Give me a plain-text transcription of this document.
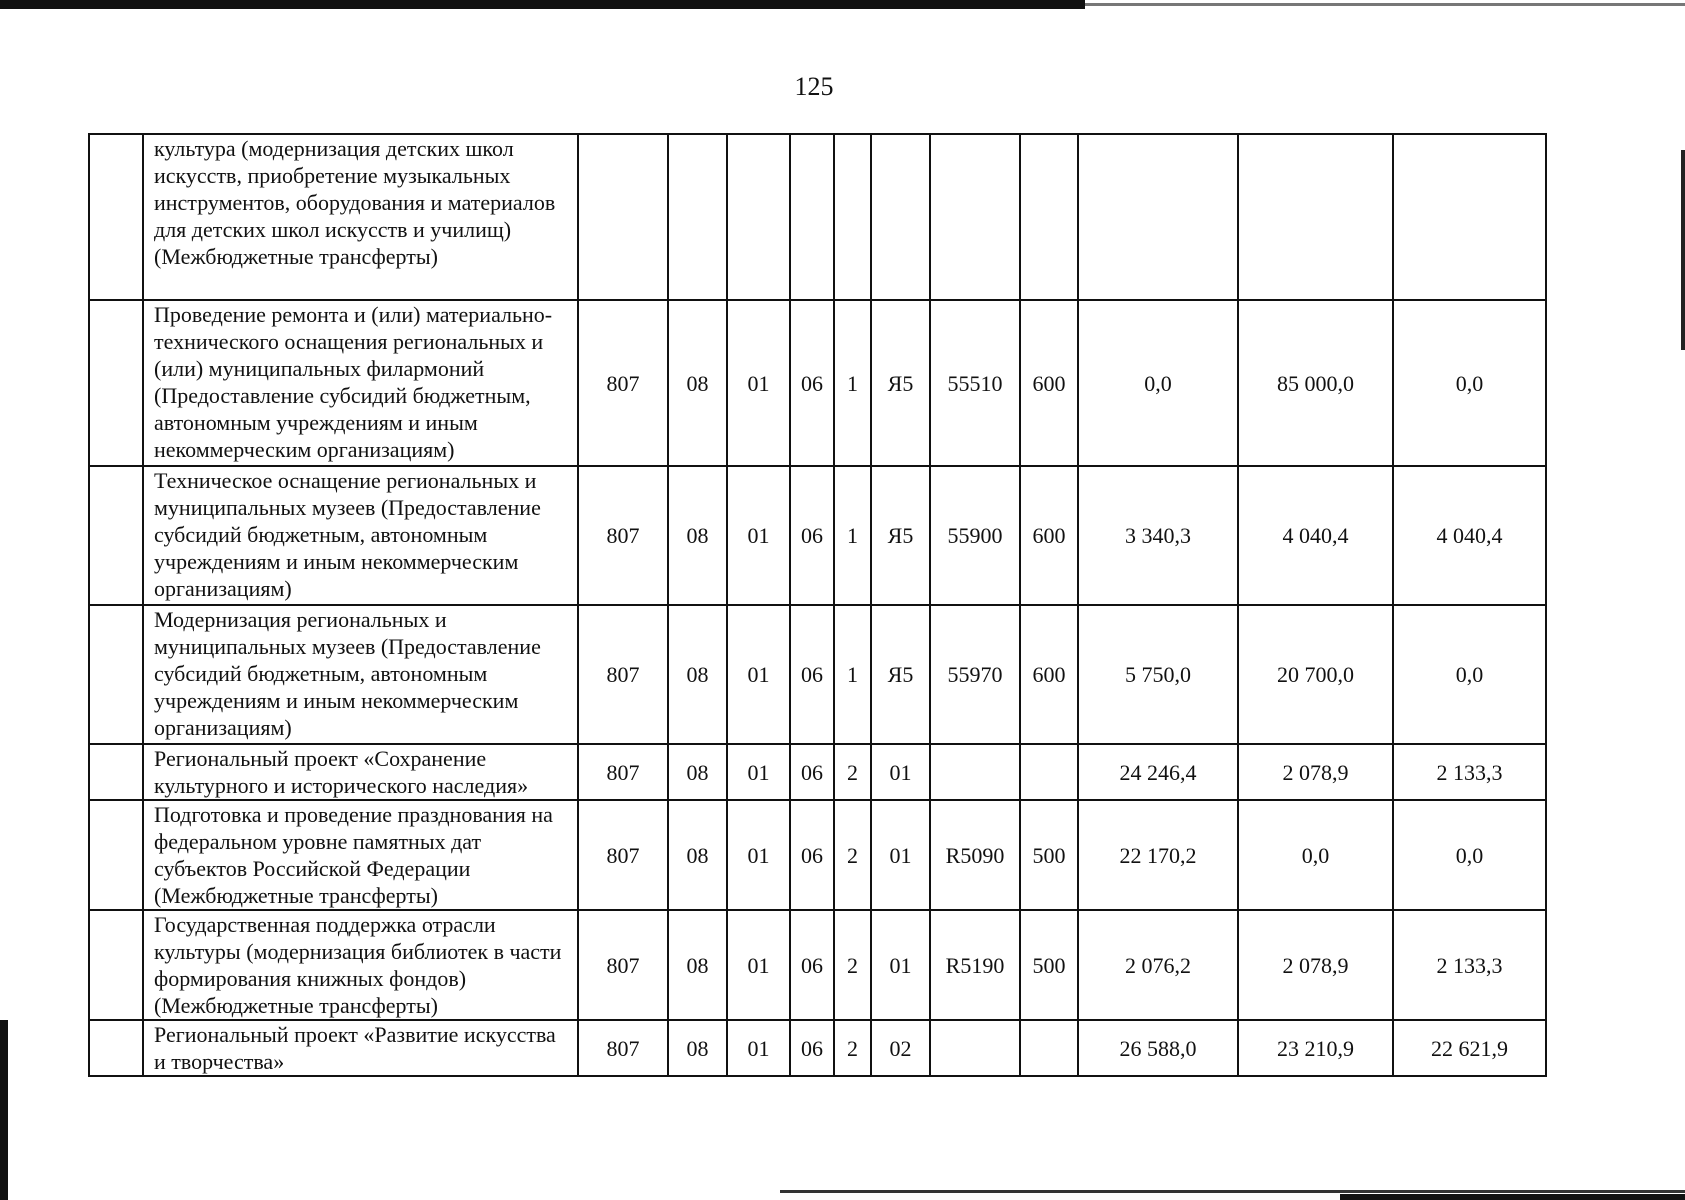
125
	культура (модернизация детских школ искусств, приобретение музыкальных инструментов, оборудования и материалов для детских школ искусств и училищ) (Межбюджетные трансферты)											
	Проведение ремонта и (или) материально-технического оснащения региональных и (или) муниципальных филармоний (Предоставление субсидий бюджетным, автономным учреждениям и иным некоммерческим организациям)	807	08	01	06	1	Я5	55510	600	0,0	85 000,0	0,0
	Техническое оснащение региональных и муниципальных музеев (Предоставление субсидий бюджетным, автономным учреждениям и иным некоммерческим организациям)	807	08	01	06	1	Я5	55900	600	3 340,3	4 040,4	4 040,4
	Модернизация региональных и муниципальных музеев (Предоставление субсидий бюджетным, автономным учреждениям и иным некоммерческим организациям)	807	08	01	06	1	Я5	55970	600	5 750,0	20 700,0	0,0
	Региональный проект «Сохранение культурного и исторического наследия»	807	08	01	06	2	01			24 246,4	2 078,9	2 133,3
	Подготовка и проведение празднования на федеральном уровне памятных дат субъектов Российской Федерации (Межбюджетные трансферты)	807	08	01	06	2	01	R5090	500	22 170,2	0,0	0,0
	Государственная поддержка отрасли культуры (модернизация библиотек в части формирования книжных фондов) (Межбюджетные трансферты)	807	08	01	06	2	01	R5190	500	2 076,2	2 078,9	2 133,3
	Региональный проект «Развитие искусства и творчества»	807	08	01	06	2	02			26 588,0	23 210,9	22 621,9
